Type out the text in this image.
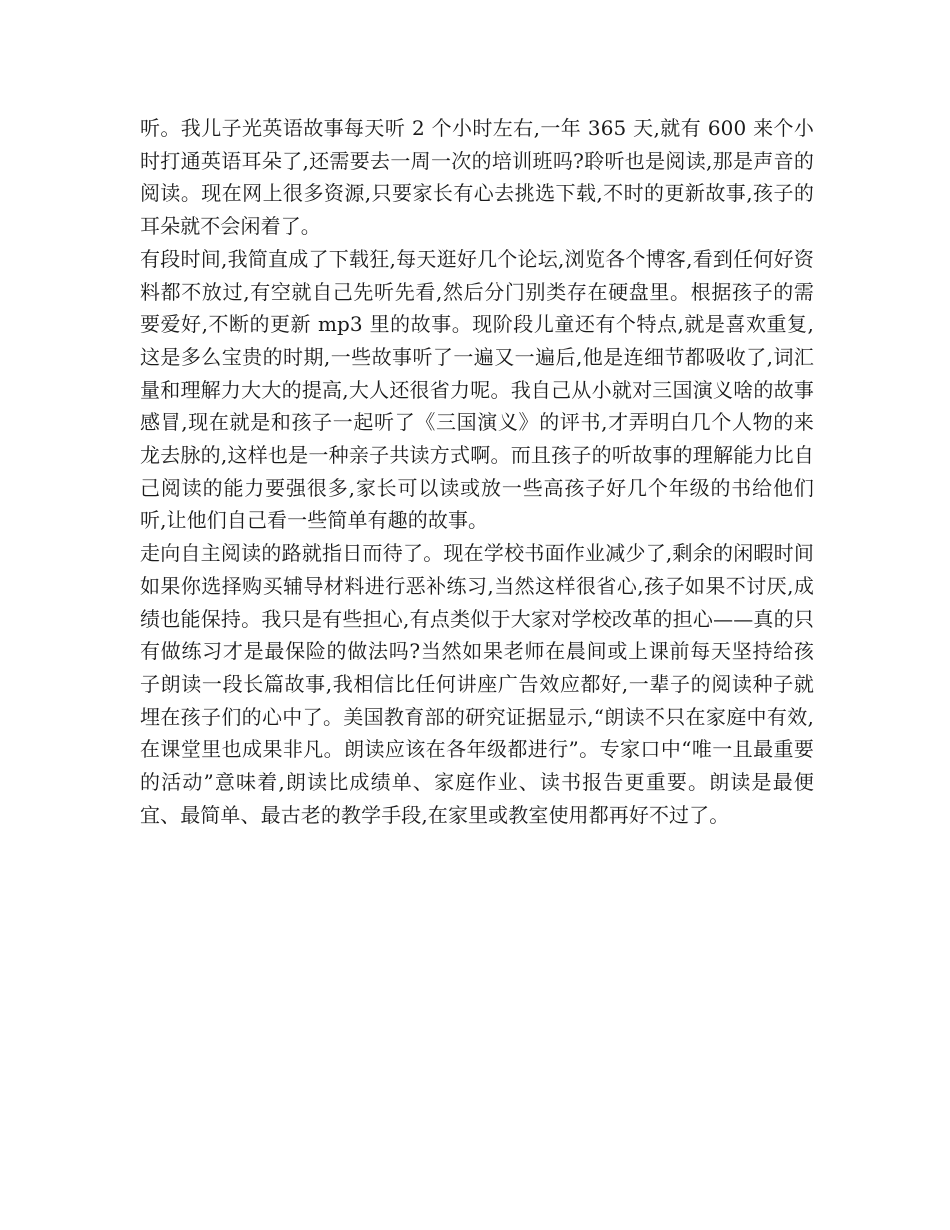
听。我儿子光英语故事每天听 2 个小时左右,一年 365 天,就有 600 来个小时打通英语耳朵了,还需要去一周一次的培训班吗?聆听也是阅读,那是声音的阅读。现在网上很多资源,只要家长有心去挑选下载,不时的更新故事,孩子的耳朵就不会闲着了。

有段时间,我简直成了下载狂,每天逛好几个论坛,浏览各个博客,看到任何好资料都不放过,有空就自己先听先看,然后分门别类存在硬盘里。根据孩子的需要爱好,不断的更新 mp3 里的故事。现阶段儿童还有个特点,就是喜欢重复,这是多么宝贵的时期,一些故事听了一遍又一遍后,他是连细节都吸收了,词汇量和理解力大大的提高,大人还很省力呢。我自己从小就对三国演义啥的故事感冒,现在就是和孩子一起听了《三国演义》的评书,才弄明白几个人物的来龙去脉的,这样也是一种亲子共读方式啊。而且孩子的听故事的理解能力比自己阅读的能力要强很多,家长可以读或放一些高孩子好几个年级的书给他们听,让他们自己看一些简单有趣的故事。

走向自主阅读的路就指日而待了。现在学校书面作业减少了,剩余的闲暇时间如果你选择购买辅导材料进行恶补练习,当然这样很省心,孩子如果不讨厌,成绩也能保持。我只是有些担心,有点类似于大家对学校改革的担心——真的只有做练习才是最保险的做法吗?当然如果老师在晨间或上课前每天坚持给孩子朗读一段长篇故事,我相信比任何讲座广告效应都好,一辈子的阅读种子就埋在孩子们的心中了。美国教育部的研究证据显示,“朗读不只在家庭中有效,在课堂里也成果非凡。朗读应该在各年级都进行”。专家口中“唯一且最重要的活动”意味着,朗读比成绩单、家庭作业、读书报告更重要。朗读是最便宜、最简单、最古老的教学手段,在家里或教室使用都再好不过了。
